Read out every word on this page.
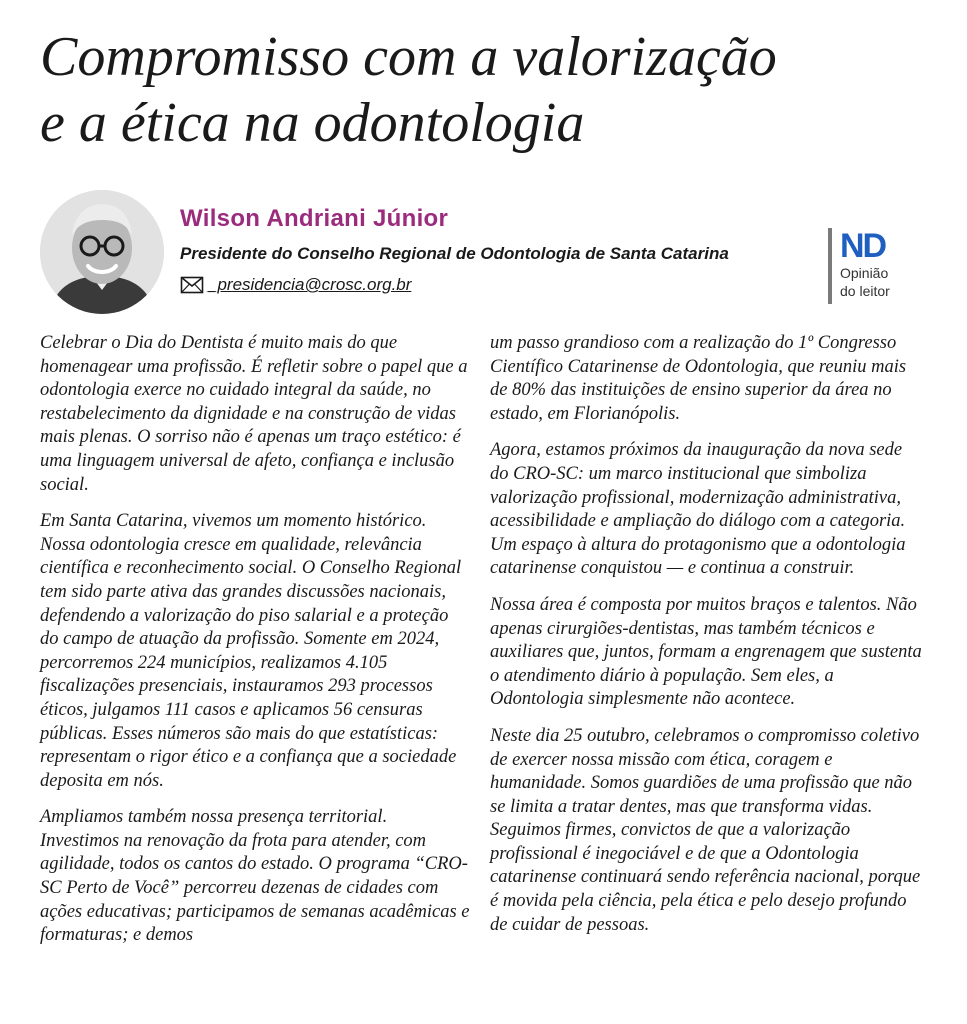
Compromisso com a valorização
e a ética na odontologia
Wilson Andriani Júnior
Presidente do Conselho Regional de Odontologia de Santa Catarina
_presidencia@crosc.org.br
ND
Opinião
do leitor

Celebrar o Dia do Dentista é muito mais do que homenagear uma profissão. É refletir sobre o papel que a odontologia exerce no cuidado integral da saúde, no restabelecimento da dignidade e na construção de vidas mais plenas. O sorriso não é apenas um traço estético: é uma linguagem universal de afeto, confiança e inclusão social.

Em Santa Catarina, vivemos um momento histórico. Nossa odontologia cresce em qualidade, relevância científica e reconhecimento social. O Conselho Regional tem sido parte ativa das grandes discussões nacionais, defendendo a valorização do piso salarial e a proteção do campo de atuação da profissão. Somente em 2024, percorremos 224 municípios, realizamos 4.105 fiscalizações presenciais, instauramos 293 processos éticos, julgamos 111 casos e aplicamos 56 censuras públicas. Esses números são mais do que estatísticas: representam o rigor ético e a confiança que a sociedade deposita em nós.

Ampliamos também nossa presença territorial. Investimos na renovação da frota para atender, com agilidade, todos os cantos do estado. O programa “CRO-SC Perto de Você” percorreu dezenas de cidades com ações educativas; participamos de semanas acadêmicas e formaturas; e demos

um passo grandioso com a realização do 1º Congresso Científico Catarinense de Odontologia, que reuniu mais de 80% das instituições de ensino superior da área no estado, em Florianópolis.

Agora, estamos próximos da inauguração da nova sede do CRO-SC: um marco institucional que simboliza valorização profissional, modernização administrativa, acessibilidade e ampliação do diálogo com a categoria. Um espaço à altura do protagonismo que a odontologia catarinense conquistou — e continua a construir.

Nossa área é composta por muitos braços e talentos. Não apenas cirurgiões-dentistas, mas também técnicos e auxiliares que, juntos, formam a engrenagem que sustenta o atendimento diário à população. Sem eles, a Odontologia simplesmente não acontece.

Neste dia 25 outubro, celebramos o compromisso coletivo de exercer nossa missão com ética, coragem e humanidade. Somos guardiões de uma profissão que não se limita a tratar dentes, mas que transforma vidas. Seguimos firmes, convictos de que a valorização profissional é inegociável e de que a Odontologia catarinense continuará sendo referência nacional, porque é movida pela ciência, pela ética e pelo desejo profundo de cuidar de pessoas.
